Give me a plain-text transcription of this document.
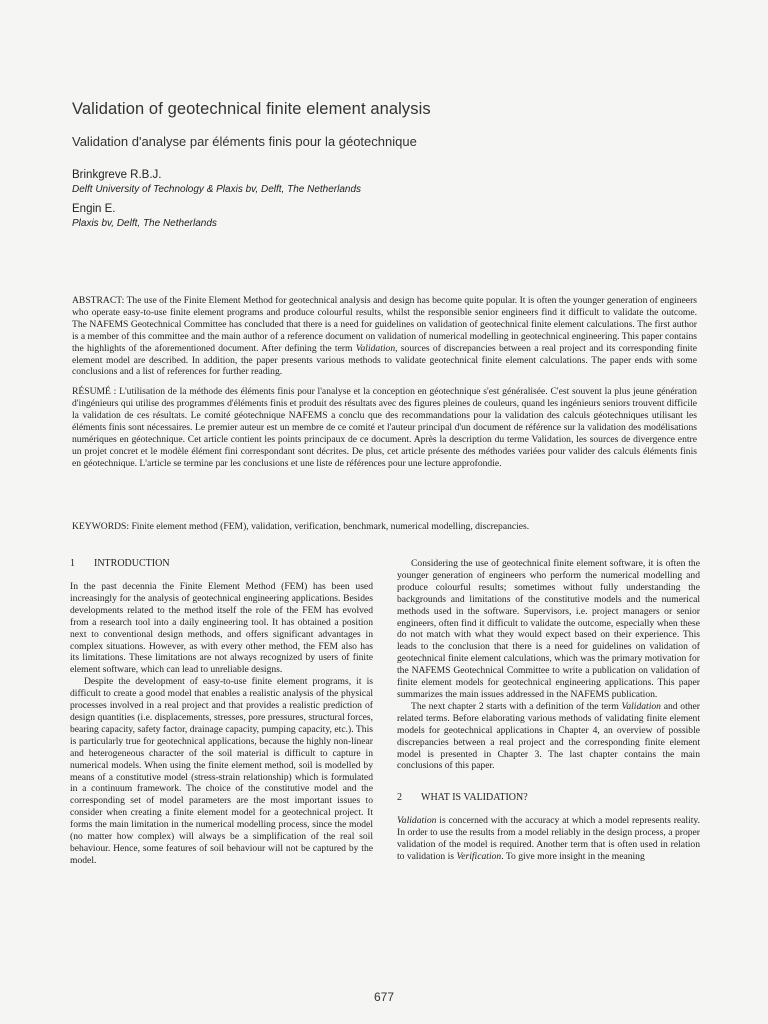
Validation of geotechnical finite element analysis
Validation d'analyse par éléments finis pour la géotechnique
Brinkgreve R.B.J.
Delft University of Technology & Plaxis bv, Delft, The Netherlands
Engin E.
Plaxis bv, Delft, The Netherlands

ABSTRACT: The use of the Finite Element Method for geotechnical analysis and design has become quite popular. It is often the younger generation of engineers who operate easy-to-use finite element programs and produce colourful results, whilst the responsible senior engineers find it difficult to validate the outcome. The NAFEMS Geotechnical Committee has concluded that there is a need for guidelines on validation of geotechnical finite element calculations. The first author is a member of this committee and the main author of a reference document on validation of numerical modelling in geotechnical engineering. This paper contains the highlights of the aforementioned document. After defining the term Validation, sources of discrepancies between a real project and its corresponding finite element model are described. In addition, the paper presents various methods to validate geotechnical finite element calculations. The paper ends with some conclusions and a list of references for further reading.

RÉSUMÉ : L'utilisation de la méthode des éléments finis pour l'analyse et la conception en géotechnique s'est généralisée. C'est souvent la plus jeune génération d'ingénieurs qui utilise des programmes d'éléments finis et produit des résultats avec des figures pleines de couleurs, quand les ingénieurs seniors trouvent difficile la validation de ces résultats. Le comité géotechnique NAFEMS a conclu que des recommandations pour la validation des calculs géotechniques utilisant les éléments finis sont nécessaires. Le premier auteur est un membre de ce comité et l'auteur principal d'un document de référence sur la validation des modélisations numériques en géotechnique. Cet article contient les points principaux de ce document. Après la description du terme Validation, les sources de divergence entre un projet concret et le modèle élément fini correspondant sont décrites. De plus, cet article présente des méthodes variées pour valider des calculs éléments finis en géotechnique. L'article se termine par les conclusions et une liste de références pour une lecture approfondie.

KEYWORDS: Finite element method (FEM), validation, verification, benchmark, numerical modelling, discrepancies.

1 INTRODUCTION

In the past decennia the Finite Element Method (FEM) has been used increasingly for the analysis of geotechnical engineering applications. Besides developments related to the method itself the role of the FEM has evolved from a research tool into a daily engineering tool. It has obtained a position next to conventional design methods, and offers significant advantages in complex situations. However, as with every other method, the FEM also has its limitations. These limitations are not always recognized by users of finite element software, which can lead to unreliable designs.

Despite the development of easy-to-use finite element programs, it is difficult to create a good model that enables a realistic analysis of the physical processes involved in a real project and that provides a realistic prediction of design quantities (i.e. displacements, stresses, pore pressures, structural forces, bearing capacity, safety factor, drainage capacity, pumping capacity, etc.). This is particularly true for geotechnical applications, because the highly non-linear and heterogeneous character of the soil material is difficult to capture in numerical models. When using the finite element method, soil is modelled by means of a constitutive model (stress-strain relationship) which is formulated in a continuum framework. The choice of the constitutive model and the corresponding set of model parameters are the most important issues to consider when creating a finite element model for a geotechnical project. It forms the main limitation in the numerical modelling process, since the model (no matter how complex) will always be a simplification of the real soil behaviour. Hence, some features of soil behaviour will not be captured by the model.

Considering the use of geotechnical finite element software, it is often the younger generation of engineers who perform the numerical modelling and produce colourful results; sometimes without fully understanding the backgrounds and limitations of the constitutive models and the numerical methods used in the software. Supervisors, i.e. project managers or senior engineers, often find it difficult to validate the outcome, especially when these do not match with what they would expect based on their experience. This leads to the conclusion that there is a need for guidelines on validation of geotechnical finite element calculations, which was the primary motivation for the NAFEMS Geotechnical Committee to write a publication on validation of finite element models for geotechnical engineering applications. This paper summarizes the main issues addressed in the NAFEMS publication.

The next chapter 2 starts with a definition of the term Validation and other related terms. Before elaborating various methods of validating finite element models for geotechnical applications in Chapter 4, an overview of possible discrepancies between a real project and the corresponding finite element model is presented in Chapter 3. The last chapter contains the main conclusions of this paper.

2 WHAT IS VALIDATION?

Validation is concerned with the accuracy at which a model represents reality. In order to use the results from a model reliably in the design process, a proper validation of the model is required. Another term that is often used in relation to validation is Verification. To give more insight in the meaning

677
